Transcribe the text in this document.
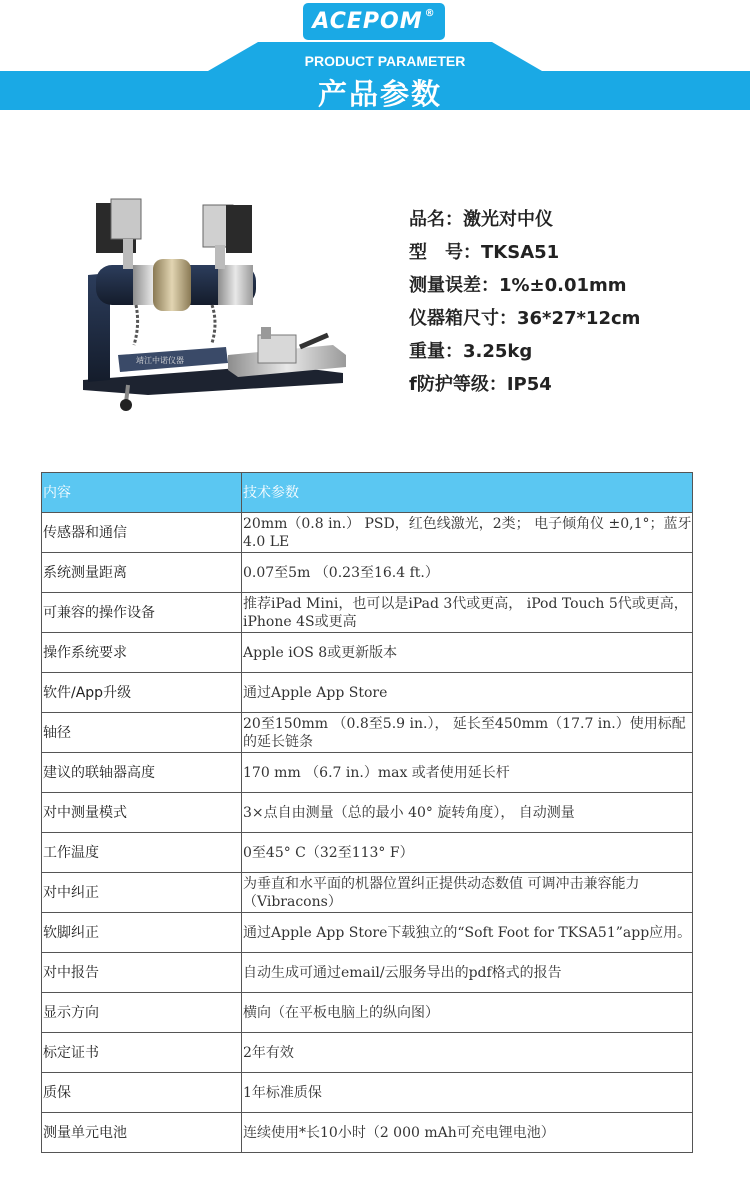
ACEPOM ®
PRODUCT PARAMETER
产品参数
靖江中诺仪器
品名：激光对中仪
型　号：TKSA51
测量误差：1%±0.01mm
仪器箱尺寸：36*27*12cm
重量：3.25kg
f防护等级：IP54
内容	技术参数
传感器和通信	20mm（0.8 in.） PSD，红色线激光，2类； 电子倾角仪 ±0,1°；蓝牙4.0 LE
系统测量距离	0.07至5m （0.23至16.4 ft.）
可兼容的操作设备	推荐iPad Mini，也可以是iPad 3代或更高， iPod Touch 5代或更高，iPhone 4S或更高
操作系统要求	Apple iOS 8或更新版本
软件/App升级	通过Apple App Store
轴径	20至150mm （0.8至5.9 in.）， 延长至450mm（17.7 in.）使用标配的延长链条
建议的联轴器高度	170 mm （6.7 in.）max 或者使用延长杆
对中测量模式	3×点自由测量（总的最小 40° 旋转角度）， 自动测量
工作温度	0至45° C（32至113° F）
对中纠正	为垂直和水平面的机器位置纠正提供动态数值 可调冲击兼容能力（Vibracons）
软脚纠正	通过Apple App Store下载独立的“Soft Foot for TKSA51”app应用。
对中报告	自动生成可通过email/云服务导出的pdf格式的报告
显示方向	横向（在平板电脑上的纵向图）
标定证书	2年有效
质保	1年标准质保
测量单元电池	连续使用*长10小时（2 000 mAh可充电锂电池）
